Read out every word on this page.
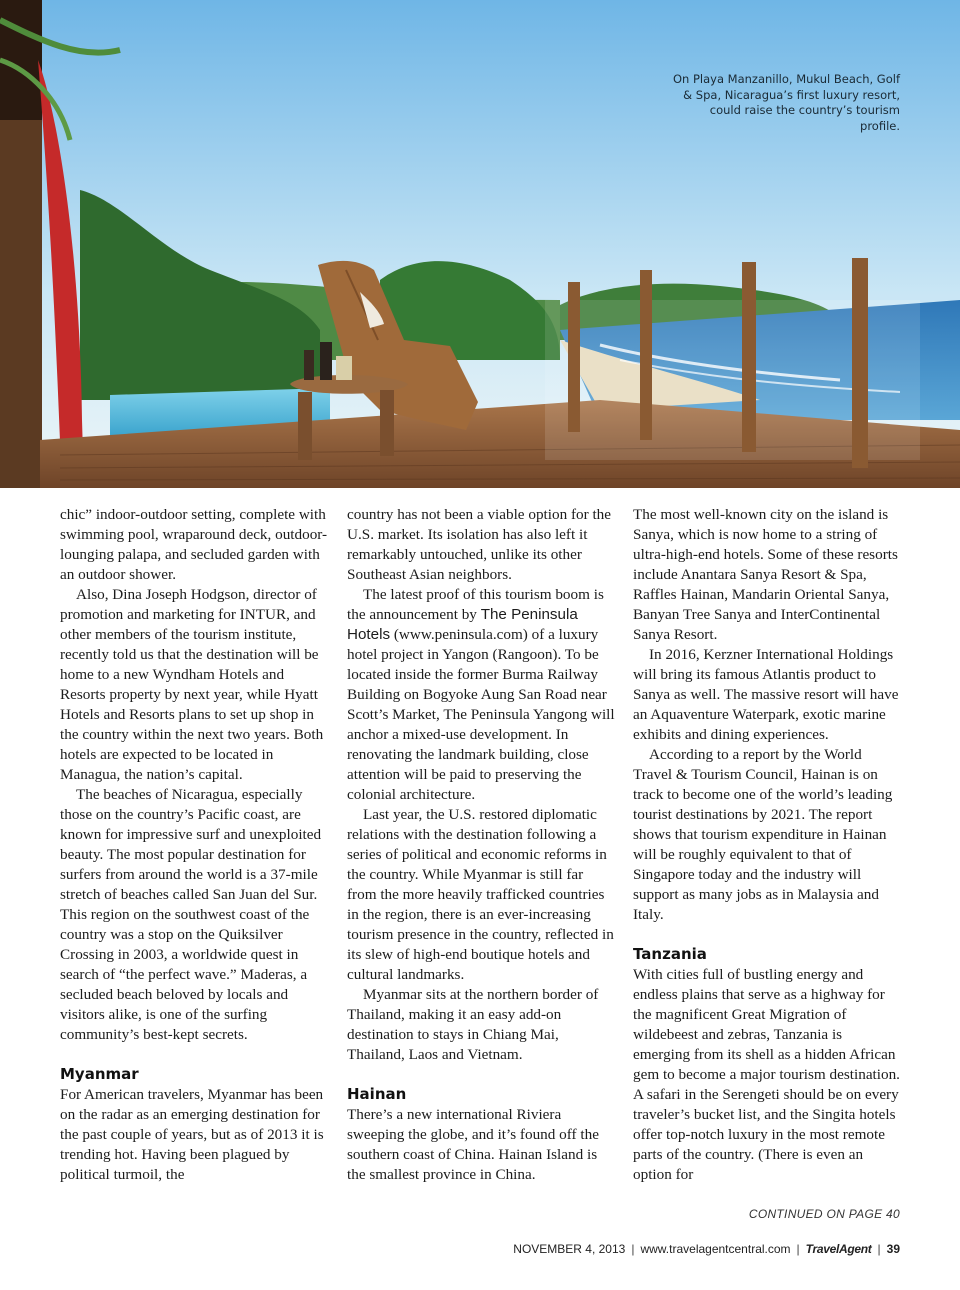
On Playa Manzanillo, Mukul Beach, Golf & Spa, Nicaragua’s first luxury resort, could raise the country’s tourism profile.

chic” indoor-outdoor setting, complete with swimming pool, wraparound deck, outdoor-lounging palapa, and secluded garden with an outdoor shower.

Also, Dina Joseph Hodgson, director of promotion and marketing for INTUR, and other members of the tourism institute, recently told us that the destination will be home to a new Wyndham Hotels and Resorts property by next year, while Hyatt Hotels and Resorts plans to set up shop in the country within the next two years. Both hotels are expected to be located in Managua, the nation’s capital.

The beaches of Nicaragua, especially those on the country’s Pacific coast, are known for impressive surf and unexploited beauty. The most popular destination for surfers from around the world is a 37-mile stretch of beaches called San Juan del Sur. This region on the southwest coast of the country was a stop on the Quiksilver Crossing in 2003, a worldwide quest in search of “the perfect wave.” Maderas, a secluded beach beloved by locals and visitors alike, is one of the surfing community’s best-kept secrets.

Myanmar

For American travelers, Myanmar has been on the radar as an emerging destination for the past couple of years, but as of 2013 it is trending hot. Having been plagued by political turmoil, the

country has not been a viable option for the U.S. market. Its isolation has also left it remarkably untouched, unlike its other Southeast Asian neighbors.

The latest proof of this tourism boom is the announcement by The Peninsula Hotels (www.peninsula.com) of a luxury hotel project in Yangon (Rangoon). To be located inside the former Burma Railway Building on Bogyoke Aung San Road near Scott’s Market, The Peninsula Yangong will anchor a mixed-use development. In renovating the landmark building, close attention will be paid to preserving the colonial architecture.

Last year, the U.S. restored diplomatic relations with the destination following a series of political and economic reforms in the country. While Myanmar is still far from the more heavily trafficked countries in the region, there is an ever-increasing tourism presence in the country, reflected in its slew of high-end boutique hotels and cultural landmarks.

Myanmar sits at the northern border of Thailand, making it an easy add-on destination to stays in Chiang Mai, Thailand, Laos and Vietnam.

Hainan

There’s a new international Riviera sweeping the globe, and it’s found off the southern coast of China. Hainan Island is the smallest province in China.

The most well-known city on the island is Sanya, which is now home to a string of ultra-high-end hotels. Some of these resorts include Anantara Sanya Resort & Spa, Raffles Hainan, Mandarin Oriental Sanya, Banyan Tree Sanya and InterContinental Sanya Resort.

In 2016, Kerzner International Holdings will bring its famous Atlantis product to Sanya as well. The massive resort will have an Aquaventure Waterpark, exotic marine exhibits and dining experiences.

According to a report by the World Travel & Tourism Council, Hainan is on track to become one of the world’s leading tourist destinations by 2021. The report shows that tourism expenditure in Hainan will be roughly equivalent to that of Singapore today and the industry will support as many jobs as in Malaysia and Italy.

Tanzania

With cities full of bustling energy and endless plains that serve as a highway for the magnificent Great Migration of wildebeest and zebras, Tanzania is emerging from its shell as a hidden African gem to become a major tourism destination. A safari in the Serengeti should be on every traveler’s bucket list, and the Singita hotels offer top-notch luxury in the most remote parts of the country. (There is even an option for

CONTINUED ON PAGE 40
NOVEMBER 4, 2013 | www.travelagentcentral.com | TravelAgent | 39
